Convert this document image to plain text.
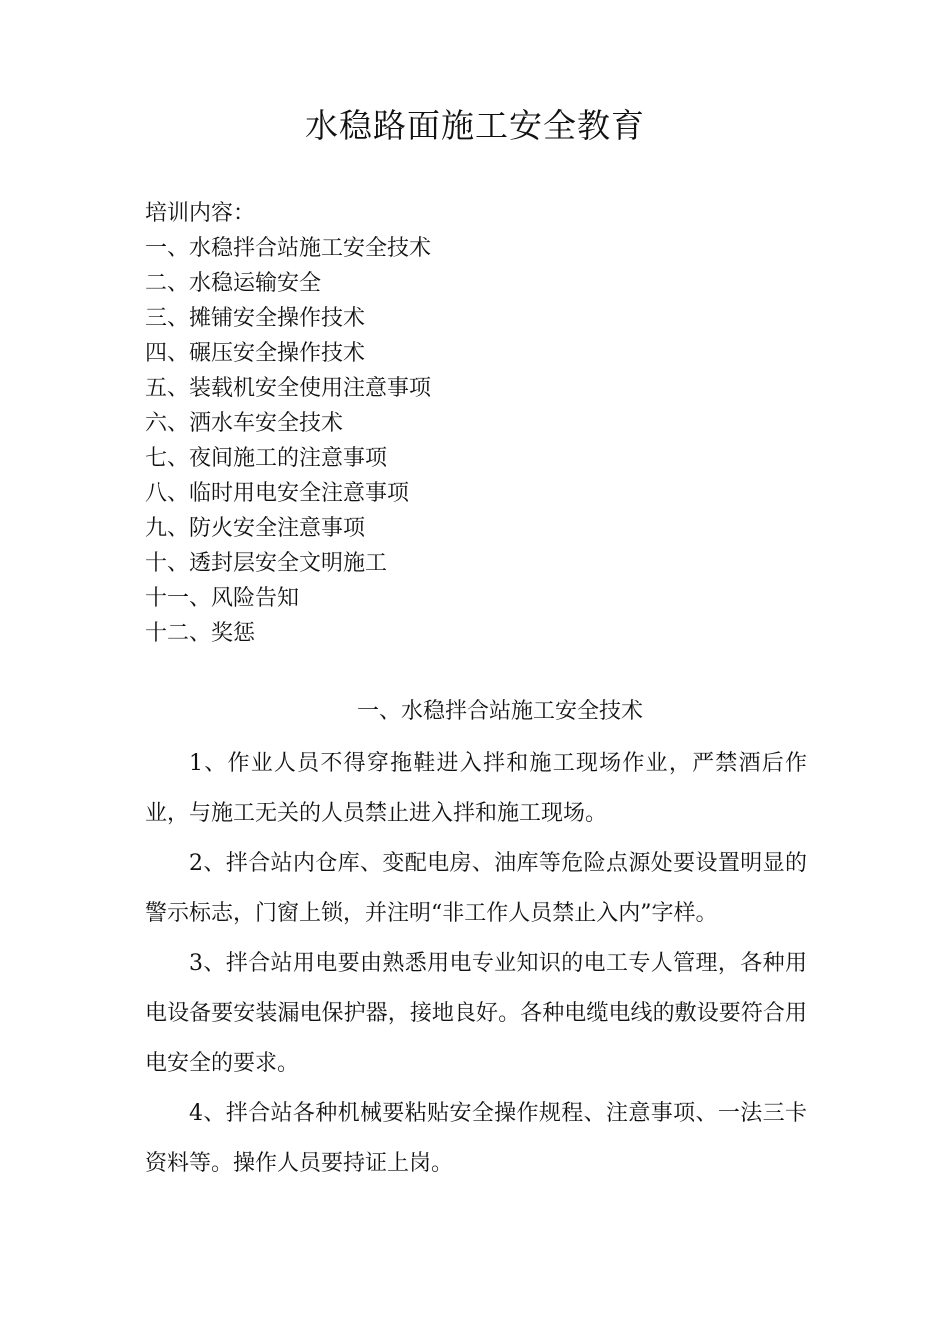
水稳路面施工安全教育
培训内容：
一、水稳拌合站施工安全技术
二、水稳运输安全
三、摊铺安全操作技术
四、碾压安全操作技术
五、装载机安全使用注意事项
六、洒水车安全技术
七、夜间施工的注意事项
八、临时用电安全注意事项
九、防火安全注意事项
十、透封层安全文明施工
十一、风险告知
十二、奖惩
一、水稳拌合站施工安全技术

1、作业人员不得穿拖鞋进入拌和施工现场作业，严禁酒后作业，与施工无关的人员禁止进入拌和施工现场。

2、拌合站内仓库、变配电房、油库等危险点源处要设置明显的警示标志，门窗上锁，并注明“非工作人员禁止入内”字样。

3、拌合站用电要由熟悉用电专业知识的电工专人管理，各种用电设备要安装漏电保护器，接地良好。各种电缆电线的敷设要符合用电安全的要求。

4、拌合站各种机械要粘贴安全操作规程、注意事项、一法三卡资料等。操作人员要持证上岗。
